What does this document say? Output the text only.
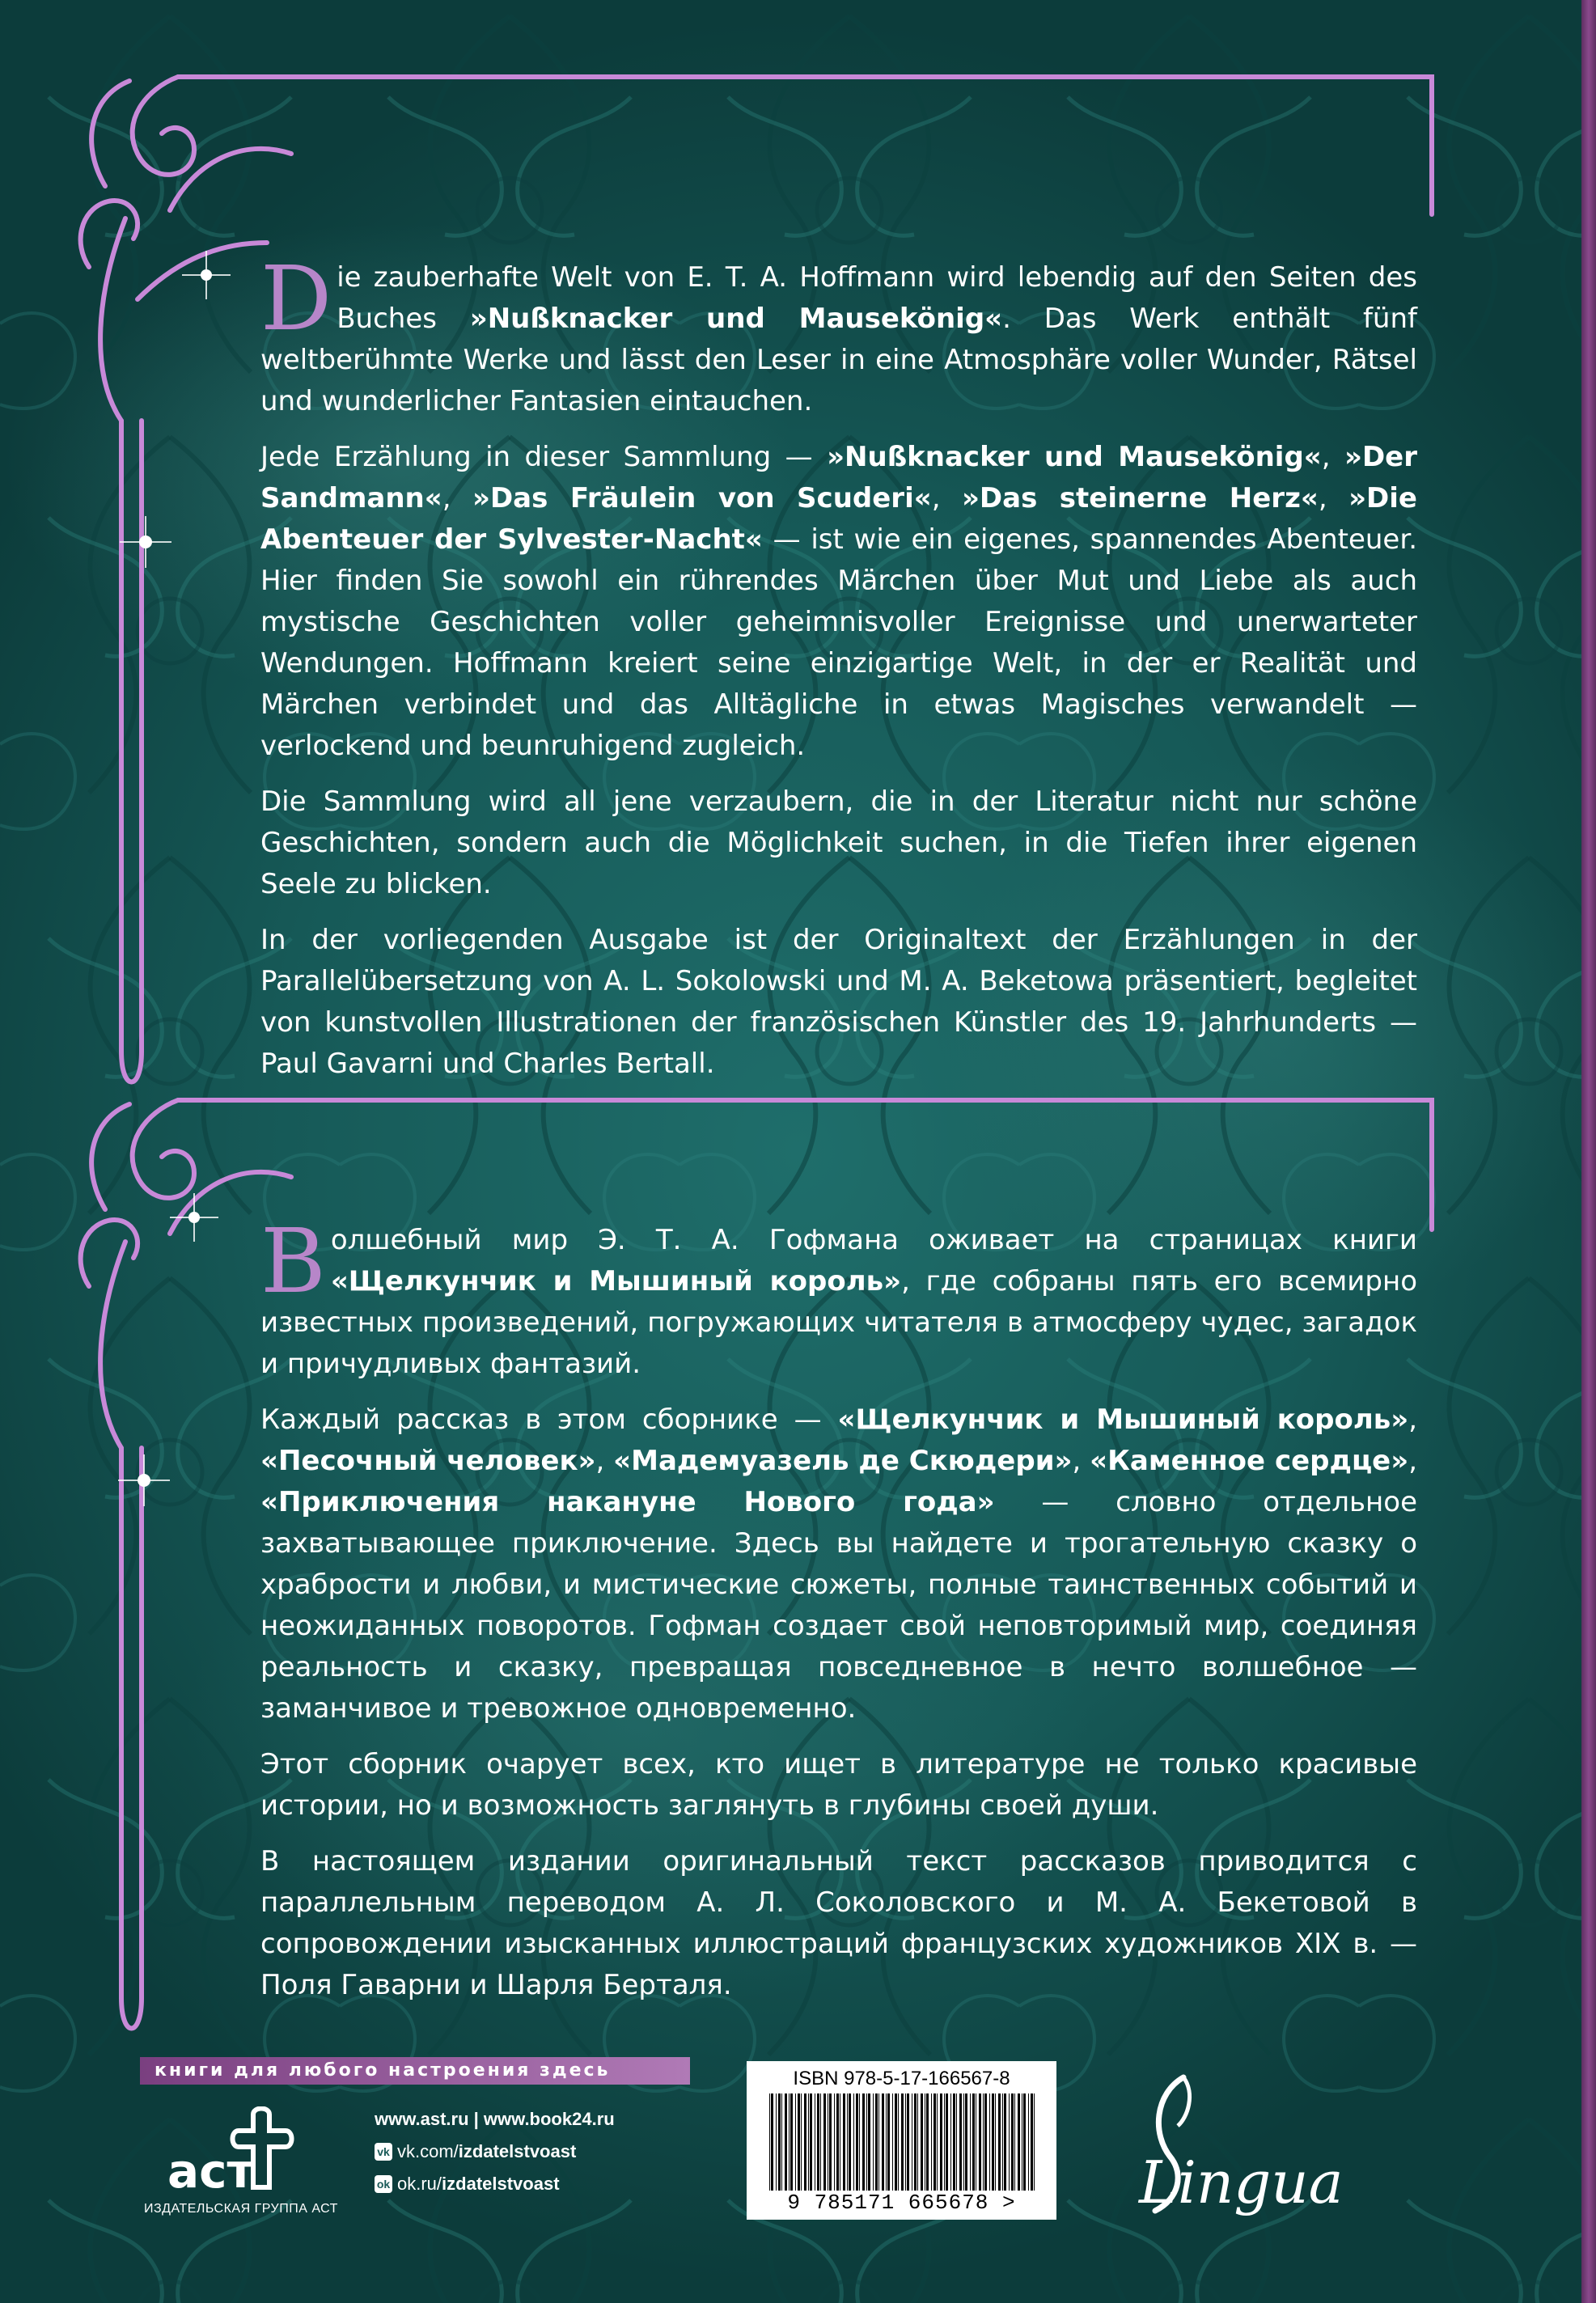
Die zauberhafte Welt von E. T. A. Hoffmann wird lebendig auf den Seiten des Buches »Nußknacker und Mausekönig«. Das Werk enthält fünf weltberühmte Werke und lässt den Leser in eine Atmosphäre voller Wunder, Rätsel und wunderlicher Fantasien eintauchen.

Jede Erzählung in dieser Sammlung — »Nußknacker und Mausekönig«, »Der Sandmann«, »Das Fräulein von Scuderi«, »Das steinerne Herz«, »Die Abenteuer der Sylvester-Nacht« — ist wie ein eigenes, spannendes Abenteuer. Hier finden Sie sowohl ein rührendes Märchen über Mut und Liebe als auch mystische Geschichten voller geheimnisvoller Ereignisse und unerwarteter Wendungen. Hoffmann kreiert seine einzigartige Welt, in der er Realität und Märchen verbindet und das Alltägliche in etwas Magisches verwandelt — verlockend und beunruhigend zugleich.

Die Sammlung wird all jene verzaubern, die in der Literatur nicht nur schöne Geschichten, sondern auch die Möglichkeit suchen, in die Tiefen ihrer eigenen Seele zu blicken.

In der vorliegenden Ausgabe ist der Originaltext der Erzählungen in der Parallelübersetzung von A. L. Sokolowski und M. A. Beketowa präsentiert, begleitet von kunstvollen Illustrationen der französischen Künstler des 19. Jahrhunderts — Paul Gavarni und Charles Bertall.

Волшебный мир Э. Т. А. Гофмана оживает на страницах книги «Щелкунчик и Мышиный король», где собраны пять его всемирно известных произведений, погружающих читателя в атмосферу чудес, загадок и причудливых фантазий.

Каждый рассказ в этом сборнике — «Щелкунчик и Мышиный король», «Песочный человек», «Мадемуазель де Скюдери», «Каменное сердце», «Приключения накануне Нового года» — словно отдельное захватывающее приключение. Здесь вы найдете и трогательную сказку о храбрости и любви, и мистические сюжеты, полные таинственных событий и неожиданных поворотов. Гофман создает свой неповторимый мир, соединяя реальность и сказку, превращая повседневное в нечто волшебное — заманчивое и тревожное одновременно.

Этот сборник очарует всех, кто ищет в литературе не только красивые истории, но и возможность заглянуть в глубины своей души.

В настоящем издании оригинальный текст рассказов приводится с параллельным переводом А. Л. Соколовского и М. А. Бекетовой в сопровождении изысканных иллюстраций французских художников XIX в. — Поля Гаварни и Шарля Берталя.

книги для любого настроения здесь
аст
ИЗДАТЕЛЬСКАЯ ГРУППА АСТ
www.ast.ru | www.book24.ru
vk vk.com/ izdatelstvoast
ok ok.ru/ izdatelstvoast
ISBN 978-5-17-166567-8
9 785171 665678 >	Lingua
